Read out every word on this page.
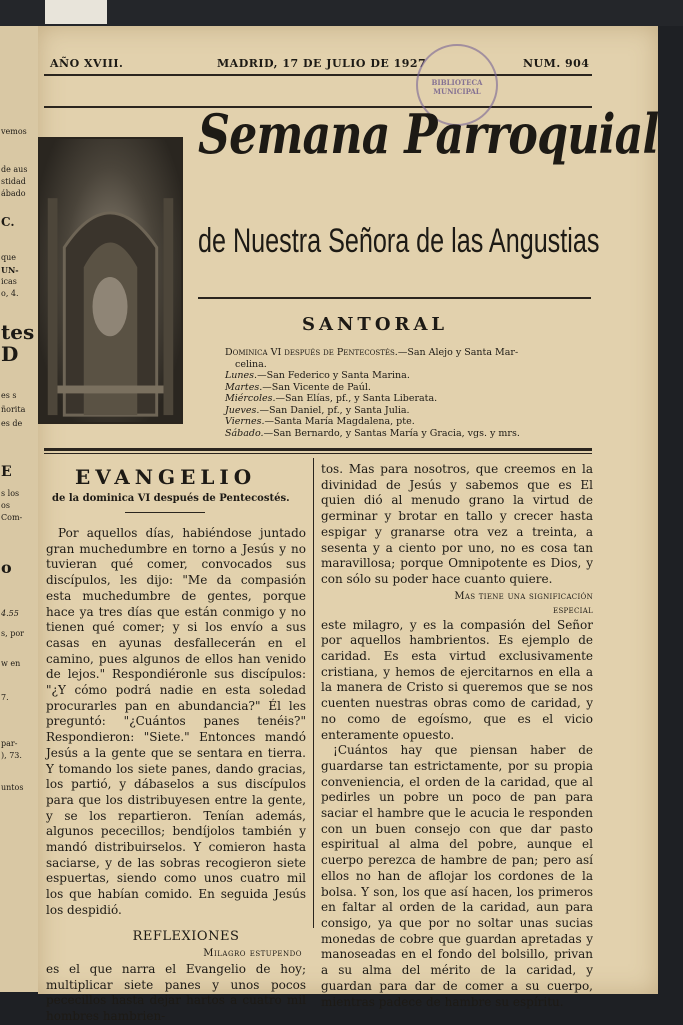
vemos
de aus
stidad
ábado
C.
que
UN-
icas
o, 4.
tes
D
es s
ñorita
es de
E
s los
os
Com-
o
4.55
s, por
w en
7.
par-
), 73.
untos
AÑO XVIII.	MADRID, 17 DE JULIO DE 1927	NUM. 904
BIBLIOTECA MUNICIPAL
Semana Parroquial
de Nuestra Señora de las Angustias
SANTORAL
Dominica VI después de Pentecostés.—San Alejo y Santa Mar-
celina.
Lunes.—San Federico y Santa Marina.
Martes.—San Vicente de Paúl.
Miércoles.—San Elías, pf., y Santa Liberata.
Jueves.—San Daniel, pf., y Santa Julia.
Viernes.—Santa María Magdalena, pte.
Sábado.—San Bernardo, y Santas María y Gracia, vgs. y mrs.
EVANGELIO
de la dominica VI después de Pentecostés.

Por aquellos días, habiéndose juntado gran muchedumbre en torno a Jesús y no tuvieran qué comer, convocados sus discípulos, les dijo: "Me da compasión esta muchedumbre de gentes, porque hace ya tres días que están conmigo y no tienen qué comer; y si los envío a sus casas en ayunas desfallecerán en el camino, pues algunos de ellos han venido de lejos." Respondiéronle sus discípulos: "¿Y cómo podrá nadie en esta soledad procurarles pan en abundancia?" Él les preguntó: "¿Cuántos panes tenéis?" Respondieron: "Siete." Entonces mandó Jesús a la gente que se sentara en tierra. Y tomando los siete panes, dando gracias, los partió, y dábaselos a sus discípulos para que los distribuyesen entre la gente, y se los repartieron. Tenían además, algunos pececillos; bendíjolos también y mandó distribuirselos. Y comieron hasta saciarse, y de las sobras recogieron siete espuertas, siendo como unos cuatro mil los que habían comido. En seguida Jesús los despidió.

REFLEXIONES
Milagro estupendo

es el que narra el Evangelio de hoy; multiplicar siete panes y unos pocos pececillos hasta dejar hartos a cuatro mil hombres hambrien-

tos. Mas para nosotros, que creemos en la divinidad de Jesús y sabemos que es El quien dió al menudo grano la virtud de germinar y brotar en tallo y crecer hasta espigar y granarse otra vez a treinta, a sesenta y a ciento por uno, no es cosa tan maravillosa; porque Omnipotente es Dios, y con sólo su poder hace cuanto quiere.

Mas tiene una significación especial

este milagro, y es la compasión del Señor por aquellos hambrientos. Es ejemplo de caridad. Es esta virtud exclusivamente cristiana, y hemos de ejercitarnos en ella a la manera de Cristo si queremos que se nos cuenten nuestras obras como de caridad, y no como de egoísmo, que es el vicio enteramente opuesto.

¡Cuántos hay que piensan haber de guardarse tan estrictamente, por su propia conveniencia, el orden de la caridad, que al pedirles un pobre un poco de pan para saciar el hambre que le acucia le responden con un buen consejo con que dar pasto espiritual al alma del pobre, aunque el cuerpo perezca de hambre de pan; pero así ellos no han de aflojar los cordones de la bolsa. Y son, los que así hacen, los primeros en faltar al orden de la caridad, aun para consigo, ya que por no soltar unas sucias monedas de cobre que guardan apretadas y manoseadas en el fondo del bolsillo, privan a su alma del mérito de la caridad, y guardan para dar de comer a su cuerpo, mientras padece de hambre su espíritu.
